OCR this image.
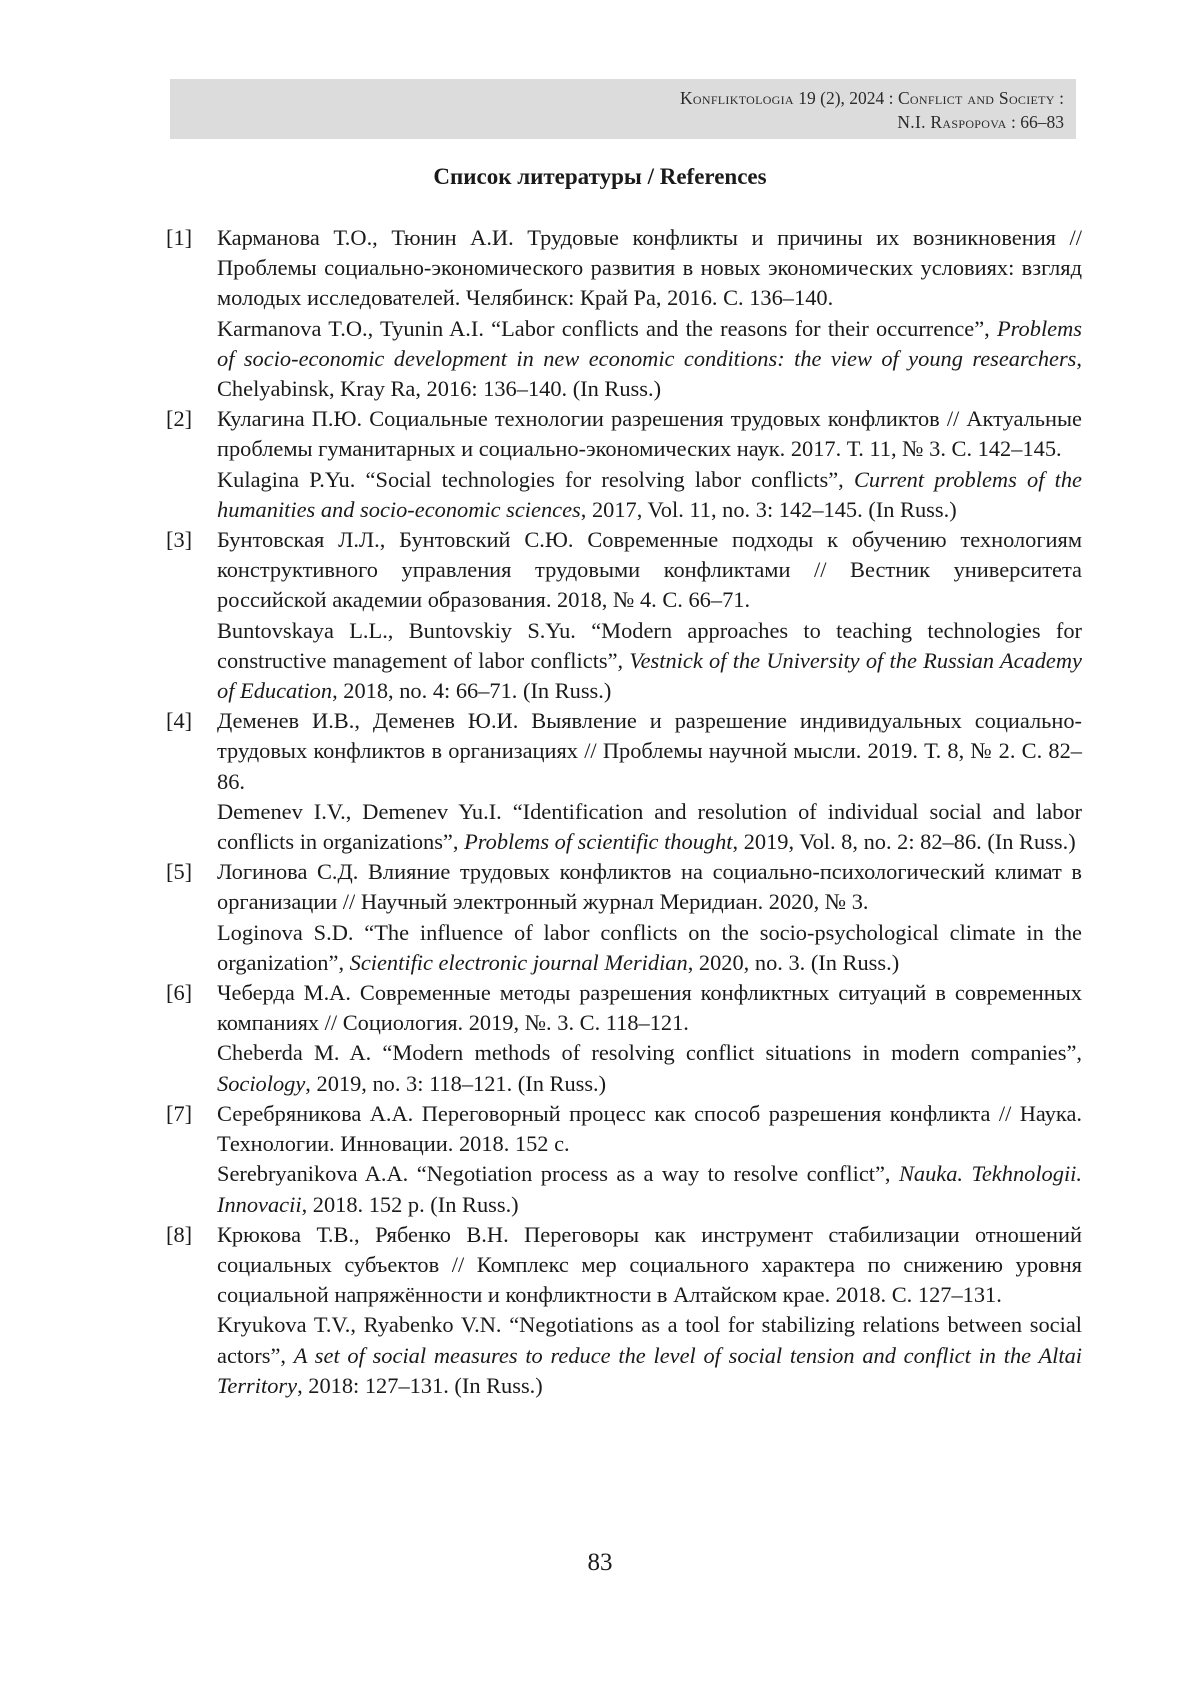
Konfliktologia 19 (2), 2024 : Conflict and Society :
N.I. Raspopova : 66–83
Список литературы / References
[1] Карманова Т.О., Тюнин А.И. Трудовые конфликты и причины их возникновения // Проблемы социально-экономического развития в новых экономических условиях: взгляд молодых исследователей. Челябинск: Край Ра, 2016. С. 136–140.

Karmanova T.O., Tyunin A.I. “Labor conflicts and the reasons for their occurrence”, Problems of socio-economic development in new economic conditions: the view of young researchers, Chelyabinsk, Kray Ra, 2016: 136–140. (In Russ.)

[2] Кулагина П.Ю. Социальные технологии разрешения трудовых конфликтов // Актуальные проблемы гуманитарных и социально-экономических наук. 2017. Т. 11, № 3. С. 142–145.

Kulagina P.Yu. “Social technologies for resolving labor conflicts”, Current problems of the humanities and socio-economic sciences, 2017, Vol. 11, no. 3: 142–145. (In Russ.)

[3] Бунтовская Л.Л., Бунтовский С.Ю. Современные подходы к обучению технологиям конструктивного управления трудовыми конфликтами // Вестник университета российской академии образования. 2018, № 4. С. 66–71.

Buntovskaya L.L., Buntovskiy S.Yu. “Modern approaches to teaching technologies for constructive management of labor conflicts”, Vestnick of the University of the Russian Academy of Education, 2018, no. 4: 66–71. (In Russ.)

[4] Деменев И.В., Деменев Ю.И. Выявление и разрешение индивидуальных социально-трудовых конфликтов в организациях // Проблемы научной мысли. 2019. Т. 8, № 2. С. 82–86.

Demenev I.V., Demenev Yu.I. “Identification and resolution of individual social and labor conflicts in organizations”, Problems of scientific thought, 2019, Vol. 8, no. 2: 82–86. (In Russ.)

[5] Логинова С.Д. Влияние трудовых конфликтов на социально-психологический климат в организации // Научный электронный журнал Меридиан. 2020, № 3.

Loginova S.D. “The influence of labor conflicts on the socio-psychological climate in the organization”, Scientific electronic journal Meridian, 2020, no. 3. (In Russ.)

[6] Чеберда М.А. Современные методы разрешения конфликтных ситуаций в современных компаниях // Социология. 2019, №. 3. С. 118–121.

Cheberda M. A. “Modern methods of resolving conflict situations in modern companies”, Sociology, 2019, no. 3: 118–121. (In Russ.)

[7] Серебряникова А.А. Переговорный процесс как способ разрешения конфликта // Наука. Технологии. Инновации. 2018. 152 с.

Serebryanikova A.A. “Negotiation process as a way to resolve conflict”, Nauka. Tekhnologii. Innovacii, 2018. 152 p. (In Russ.)

[8] Крюкова Т.В., Рябенко В.Н. Переговоры как инструмент стабилизации отношений социальных субъектов // Комплекс мер социального характера по снижению уровня социальной напряжённости и конфликтности в Алтайском крае. 2018. С. 127–131.

Kryukova T.V., Ryabenko V.N. “Negotiations as a tool for stabilizing relations between social actors”, A set of social measures to reduce the level of social tension and conflict in the Altai Territory, 2018: 127–131. (In Russ.)

83
